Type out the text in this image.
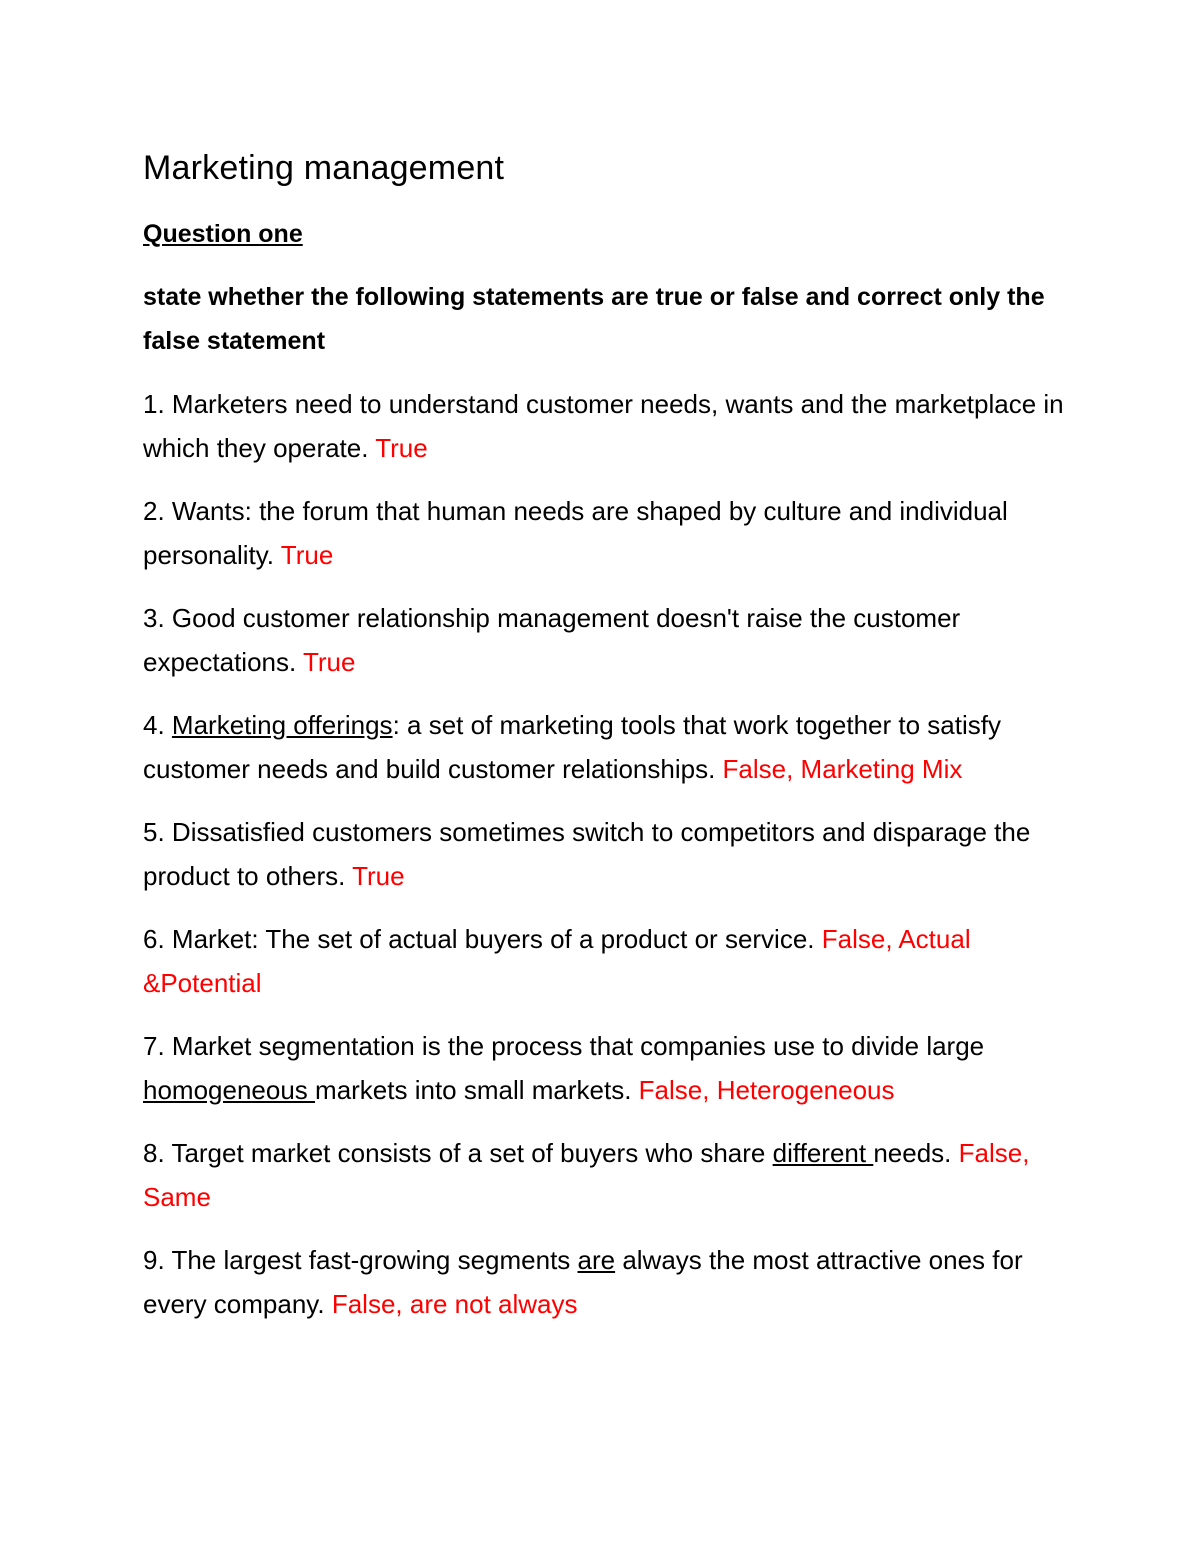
Marketing management
Question one
state whether the following statements are true or false and correct only the false statement
1. Marketers need to understand customer needs, wants and the marketplace in which they operate. True
2. Wants: the forum that human needs are shaped by culture and individual personality. True
3. Good customer relationship management doesn't raise the customer expectations. True
4. Marketing offerings: a set of marketing tools that work together to satisfy customer needs and build customer relationships. False, Marketing Mix
5. Dissatisfied customers sometimes switch to competitors and disparage the product to others. True
6. Market: The set of actual buyers of a product or service. False, Actual &Potential
7. Market segmentation is the process that companies use to divide large homogeneous markets into small markets. False, Heterogeneous
8. Target market consists of a set of buyers who share different needs. False, Same
9. The largest fast-growing segments are always the most attractive ones for every company. False, are not always
